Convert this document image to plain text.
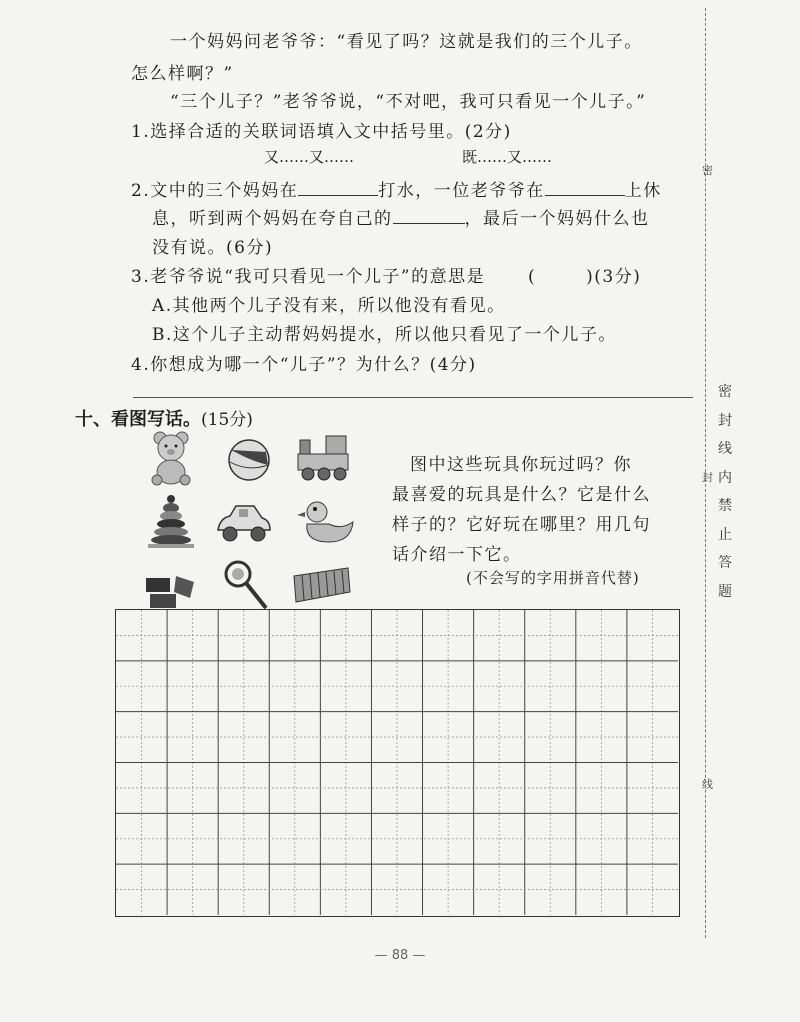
一个妈妈问老爷爷：“看见了吗？这就是我们的三个儿子。
怎么样啊？”
“三个儿子？”老爷爷说，“不对吧，我可只看见一个儿子。”
1.选择合适的关联词语填入文中括号里。(2分)
又……又……	既……又……
2.文中的三个妈妈在	打水，一位老爷爷在	上休
息，听到两个妈妈在夸自己的	，最后一个妈妈什么也
没有说。(6分)
3.老爷爷说“我可只看见一个儿子”的意思是	(	)(3分)
A.其他两个儿子没有来，所以他没有看见。
B.这个儿子主动帮妈妈提水，所以他只看见了一个儿子。
4.你想成为哪一个“儿子”？为什么？(4分)
十、看图写话。(15分)
图中这些玩具你玩过吗？你
最喜爱的玩具是什么？它是什么
样子的？它好玩在哪里？用几句
话介绍一下它。
(不会写的字用拼音代替)
密
封
线
密
封
线
内
禁
止
答
题
— 88 —
